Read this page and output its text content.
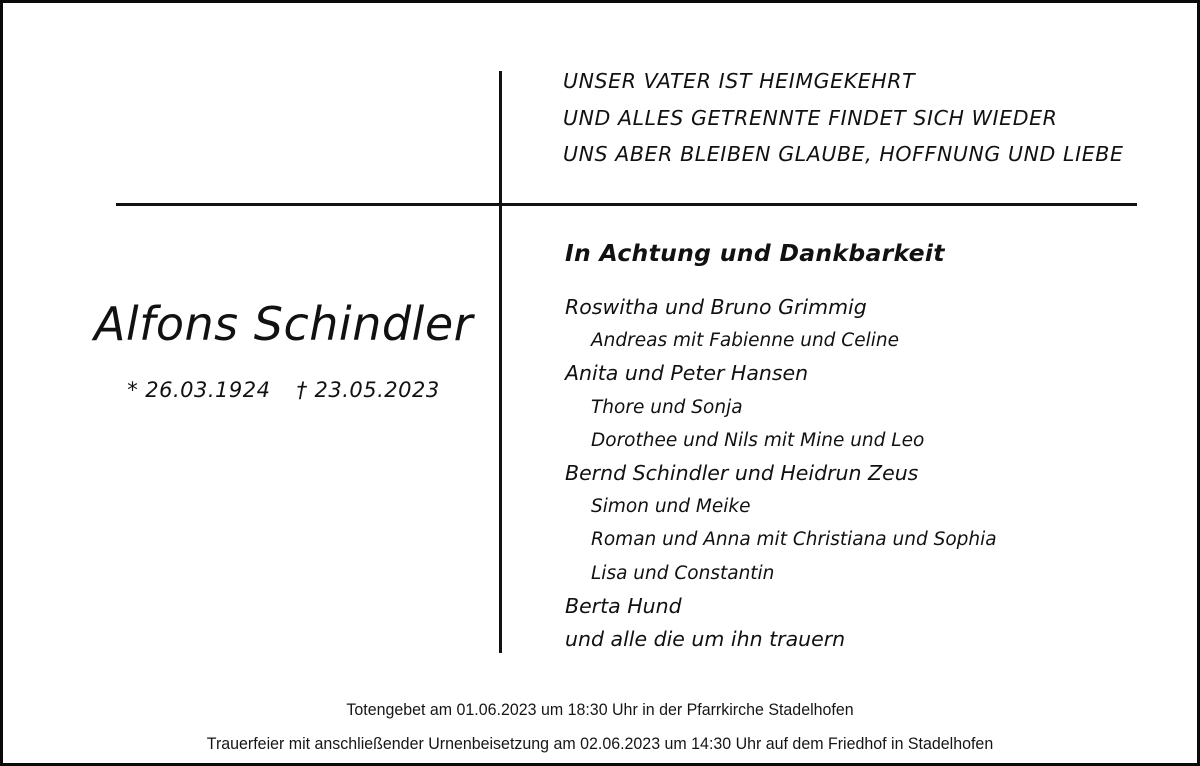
UNSER VATER IST HEIMGEKEHRT
UND ALLES GETRENNTE FINDET SICH WIEDER
UNS ABER BLEIBEN GLAUBE, HOFFNUNG UND LIEBE
Alfons Schindler
* 26.03.1924 † 23.05.2023
In Achtung und Dankbarkeit
Roswitha und Bruno Grimmig
Andreas mit Fabienne und Celine
Anita und Peter Hansen
Thore und Sonja
Dorothee und Nils mit Mine und Leo
Bernd Schindler und Heidrun Zeus
Simon und Meike
Roman und Anna mit Christiana und Sophia
Lisa und Constantin
Berta Hund
und alle die um ihn trauern
Totengebet am 01.06.2023 um 18:30 Uhr in der Pfarrkirche Stadelhofen
Trauerfeier mit anschließender Urnenbeisetzung am 02.06.2023 um 14:30 Uhr auf dem Friedhof in Stadelhofen
